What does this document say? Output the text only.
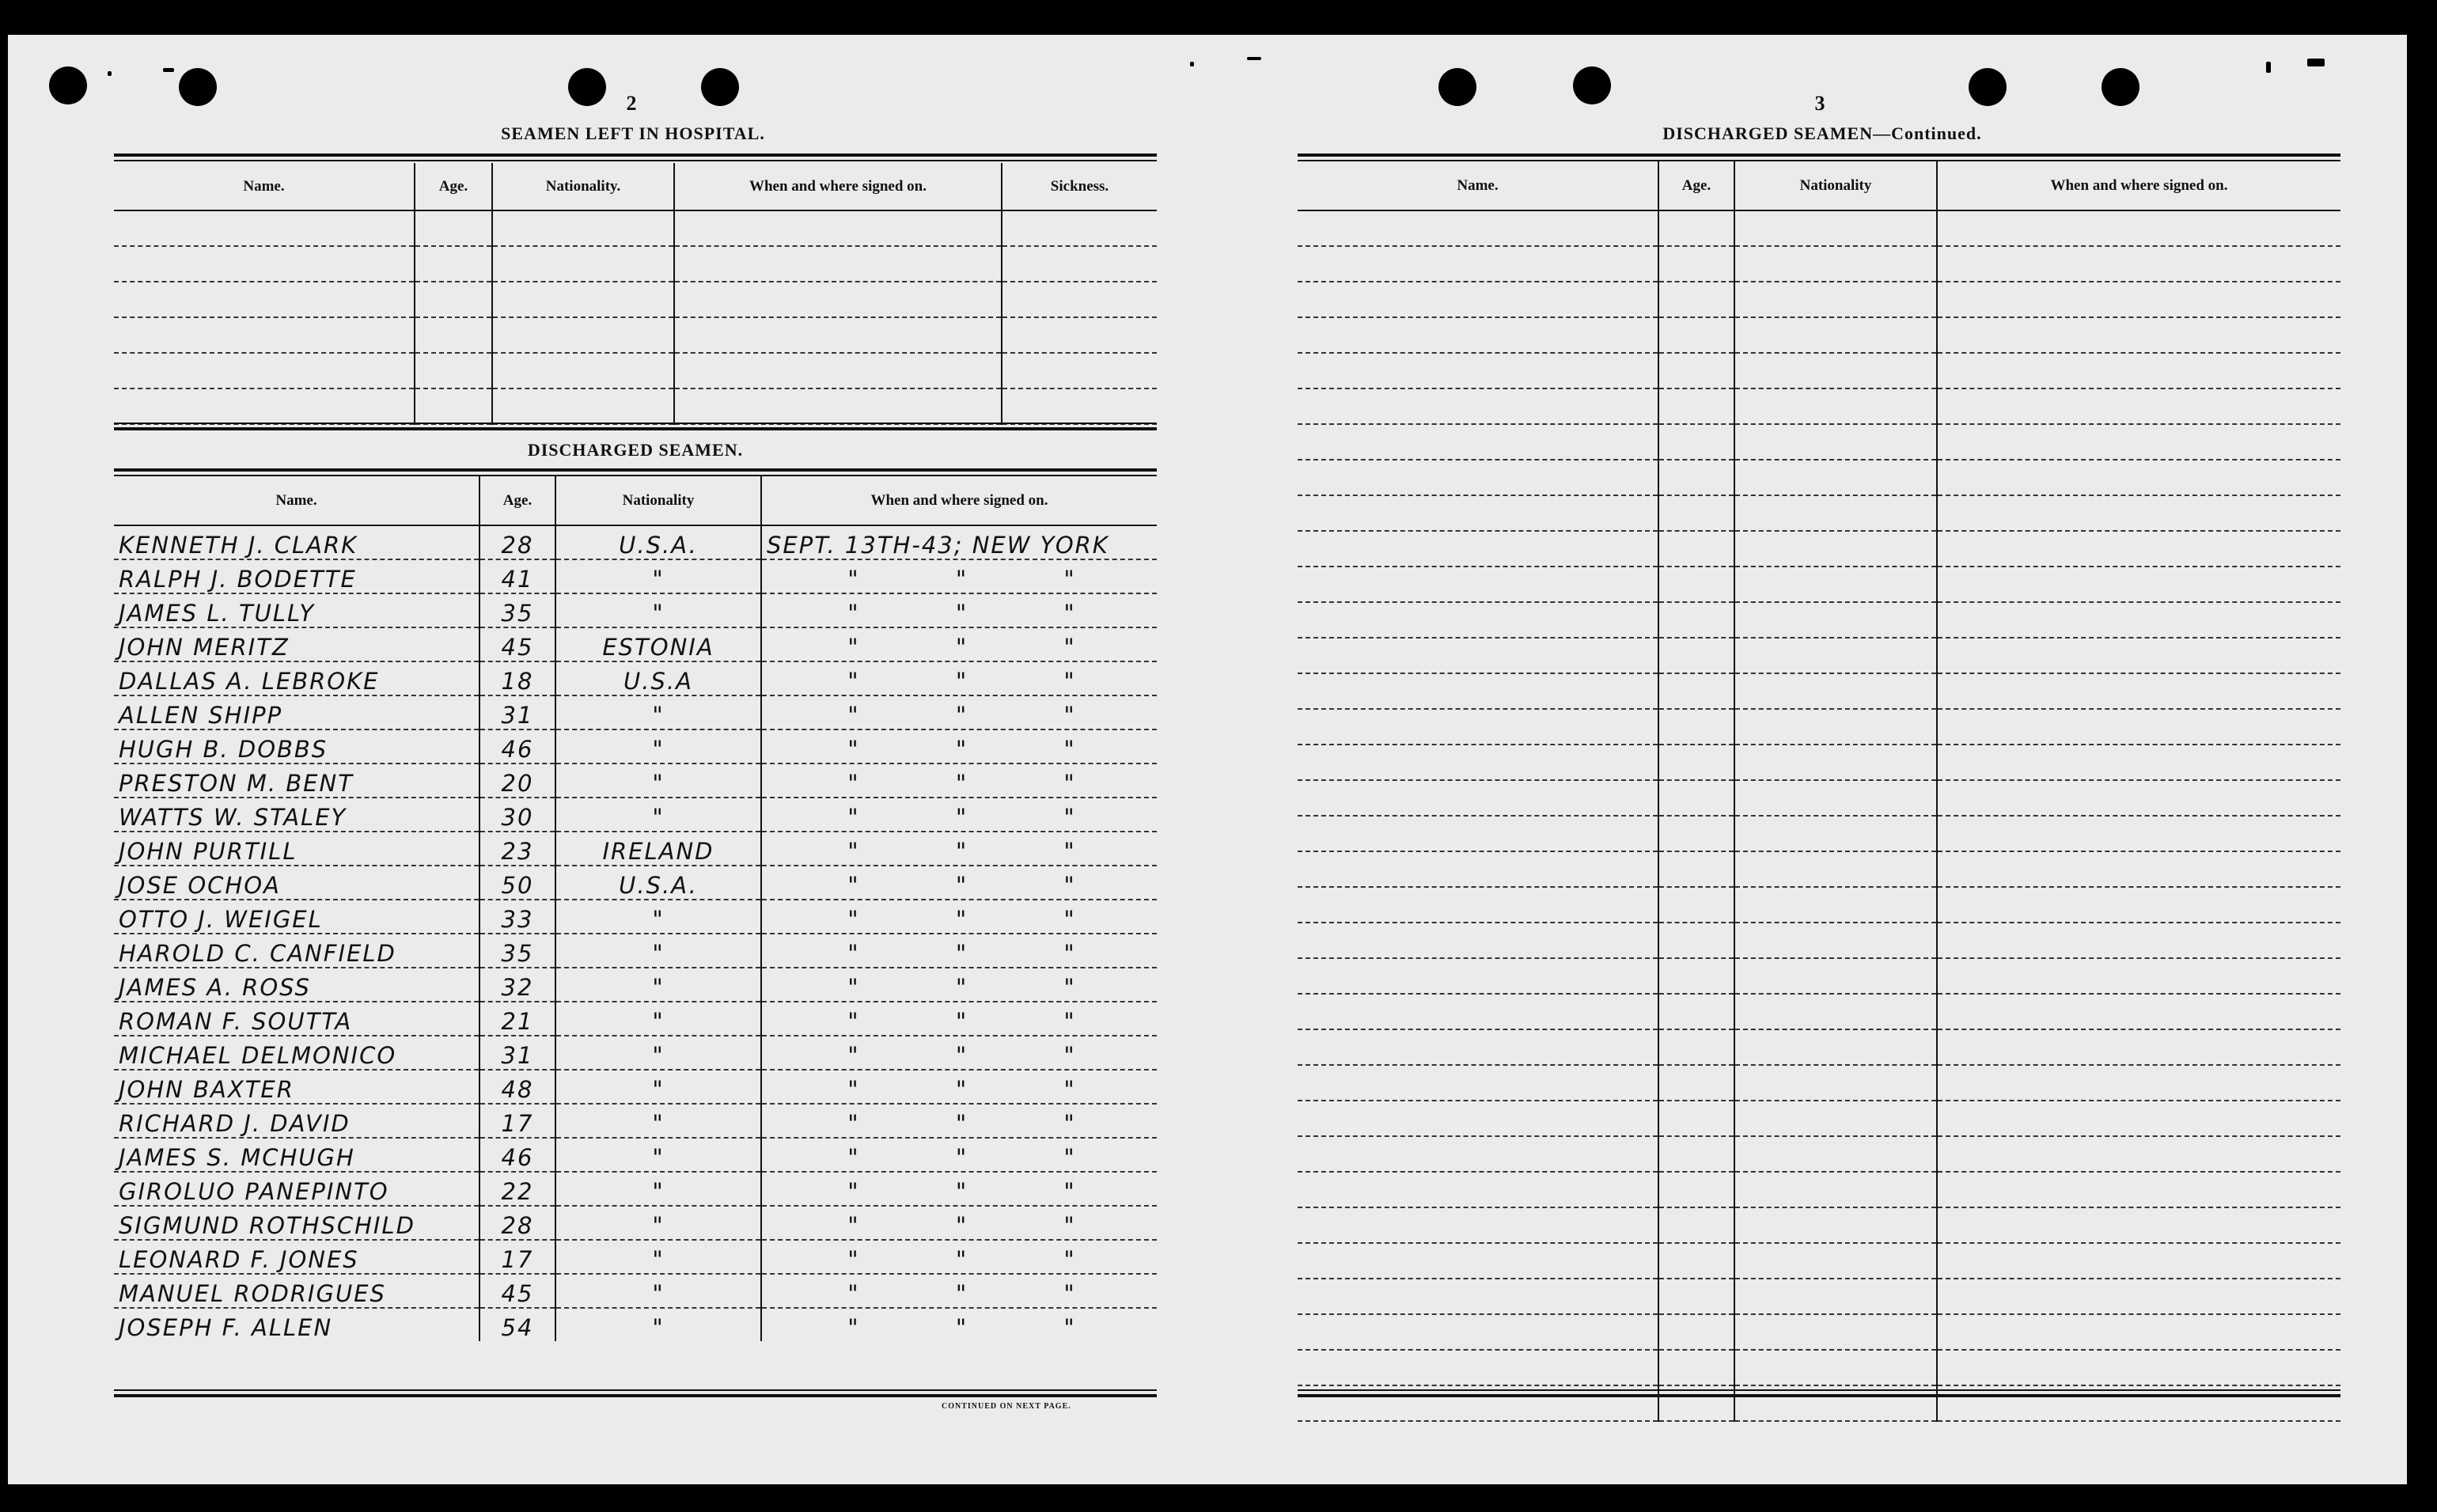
2
SEAMEN LEFT IN HOSPITAL.
Name.	Age.	Nationality.	When and where signed on.	Sickness.

DISCHARGED SEAMEN.
Name.	Age.	Nationality	When and where signed on.
KENNETH J. CLARK	28	U.S.A.	SEPT. 13TH-43; NEW YORK
RALPH J. BODETTE	41	"	" " "
JAMES L. TULLY	35	"	" " "
JOHN MERITZ	45	ESTONIA	" " "
DALLAS A. LEBROKE	18	U.S.A	" " "
ALLEN SHIPP	31	"	" " "
HUGH B. DOBBS	46	"	" " "
PRESTON M. BENT	20	"	" " "
WATTS W. STALEY	30	"	" " "
JOHN PURTILL	23	IRELAND	" " "
JOSE OCHOA	50	U.S.A.	" " "
OTTO J. WEIGEL	33	"	" " "
HAROLD C. CANFIELD	35	"	" " "
JAMES A. ROSS	32	"	" " "
ROMAN F. SOUTTA	21	"	" " "
MICHAEL DELMONICO	31	"	" " "
JOHN BAXTER	48	"	" " "
RICHARD J. DAVID	17	"	" " "
JAMES S. MCHUGH	46	"	" " "
GIROLUO PANEPINTO	22	"	" " "
SIGMUND ROTHSCHILD	28	"	" " "
LEONARD F. JONES	17	"	" " "
MANUEL RODRIGUES	45	"	" " "
JOSEPH F. ALLEN	54	"	" " "
CONTINUED ON NEXT PAGE.
3
DISCHARGED SEAMEN—Continued.
Name.	Age.	Nationality	When and where signed on.
